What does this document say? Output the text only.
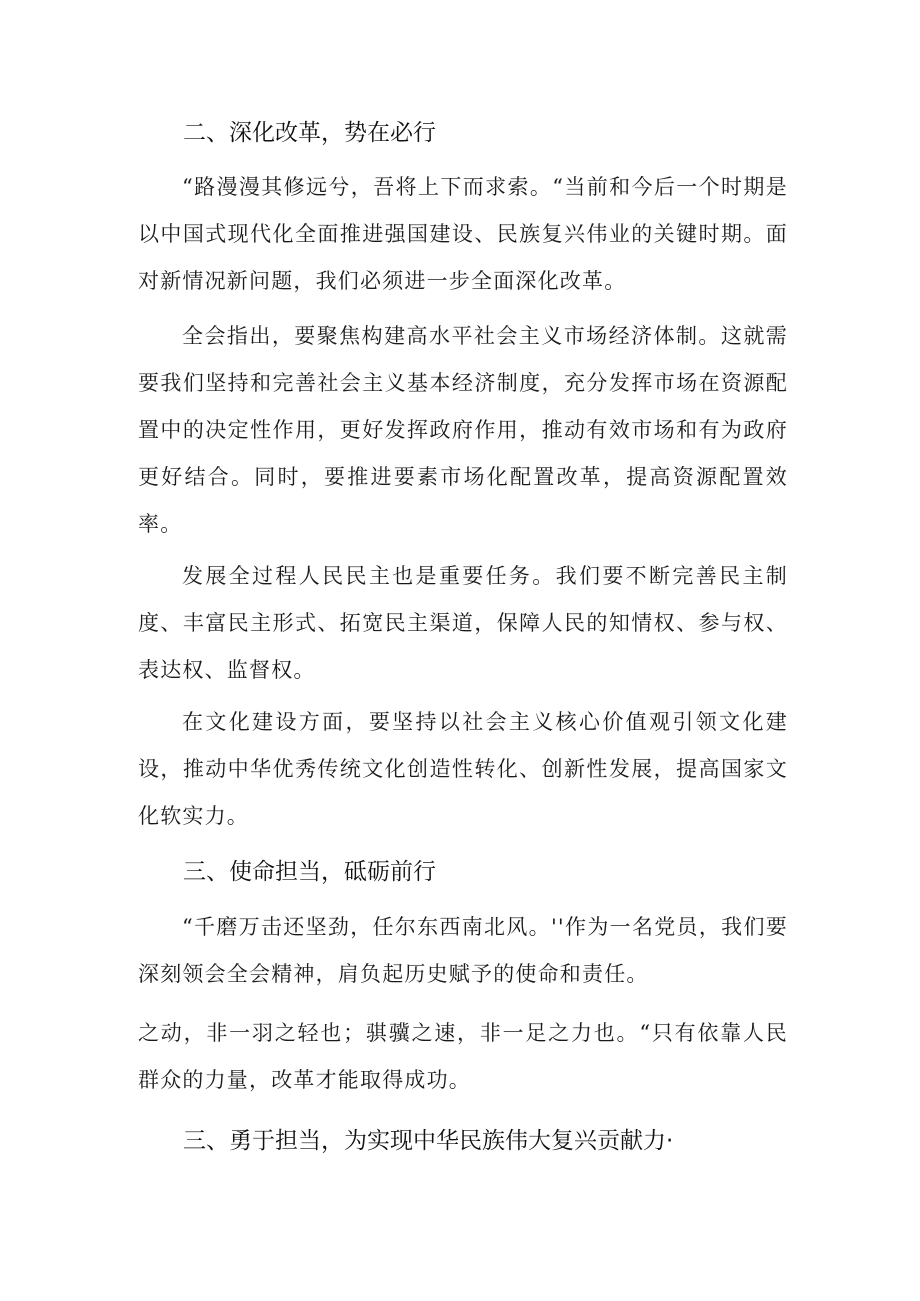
二、深化改革，势在必行
“路漫漫其修远兮，吾将上下而求索。“当前和今后一个时期是以中国式现代化全面推进强国建设、民族复兴伟业的关键时期。面对新情况新问题，我们必须进一步全面深化改革。
全会指出，要聚焦构建高水平社会主义市场经济体制。这就需要我们坚持和完善社会主义基本经济制度，充分发挥市场在资源配置中的决定性作用，更好发挥政府作用，推动有效市场和有为政府更好结合。同时，要推进要素市场化配置改革，提高资源配置效率。
发展全过程人民民主也是重要任务。我们要不断完善民主制度、丰富民主形式、拓宽民主渠道，保障人民的知情权、参与权、表达权、监督权。
在文化建设方面，要坚持以社会主义核心价值观引领文化建设，推动中华优秀传统文化创造性转化、创新性发展，提高国家文化软实力。
三、使命担当，砥砺前行
“千磨万击还坚劲，任尔东西南北风。''作为一名党员，我们要深刻领会全会精神，肩负起历史赋予的使命和责任。
之动，非一羽之轻也；骐骥之速，非一足之力也。“只有依靠人民群众的力量，改革才能取得成功。
三、勇于担当，为实现中华民族伟大复兴贡献力·
